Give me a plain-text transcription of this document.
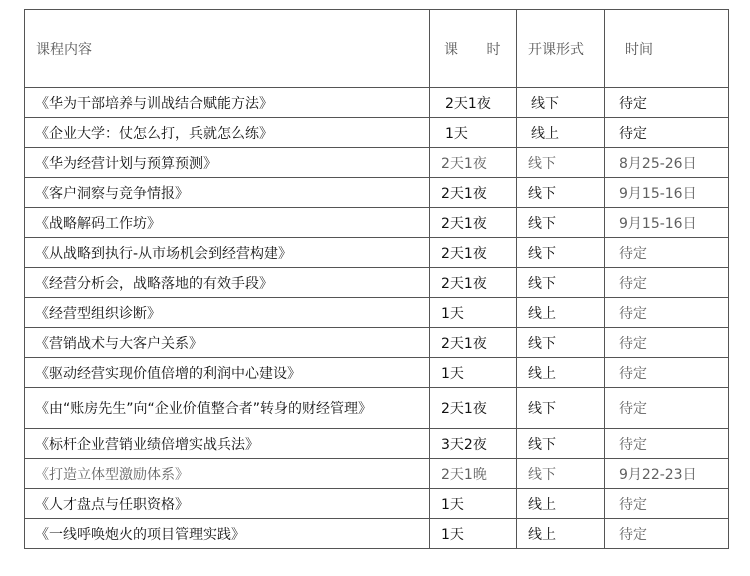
课程内容	课 时	开课形式	时间
《华为干部培养与训战结合赋能方法》	2天1夜	线下	待定
《企业大学：仗怎么打，兵就怎么练》	1天	线上	待定
《华为经营计划与预算预测》	2天1夜	线下	8月25-26日
《客户洞察与竞争情报》	2天1夜	线下	9月15-16日
《战略解码工作坊》	2天1夜	线下	9月15-16日
《从战略到执行-从市场机会到经营构建》	2天1夜	线下	待定
《经营分析会，战略落地的有效手段》	2天1夜	线下	待定
《经营型组织诊断》	1天	线上	待定
《营销战术与大客户关系》	2天1夜	线下	待定
《驱动经营实现价值倍增的利润中心建设》	1天	线上	待定
《由“账房先生”向“企业价值整合者”转身的财经管理》	2天1夜	线下	待定
《标杆企业营销业绩倍增实战兵法》	3天2夜	线下	待定
《打造立体型激励体系》	2天1晚	线下	9月22-23日
《人才盘点与任职资格》	1天	线上	待定
《一线呼唤炮火的项目管理实践》	1天	线上	待定
